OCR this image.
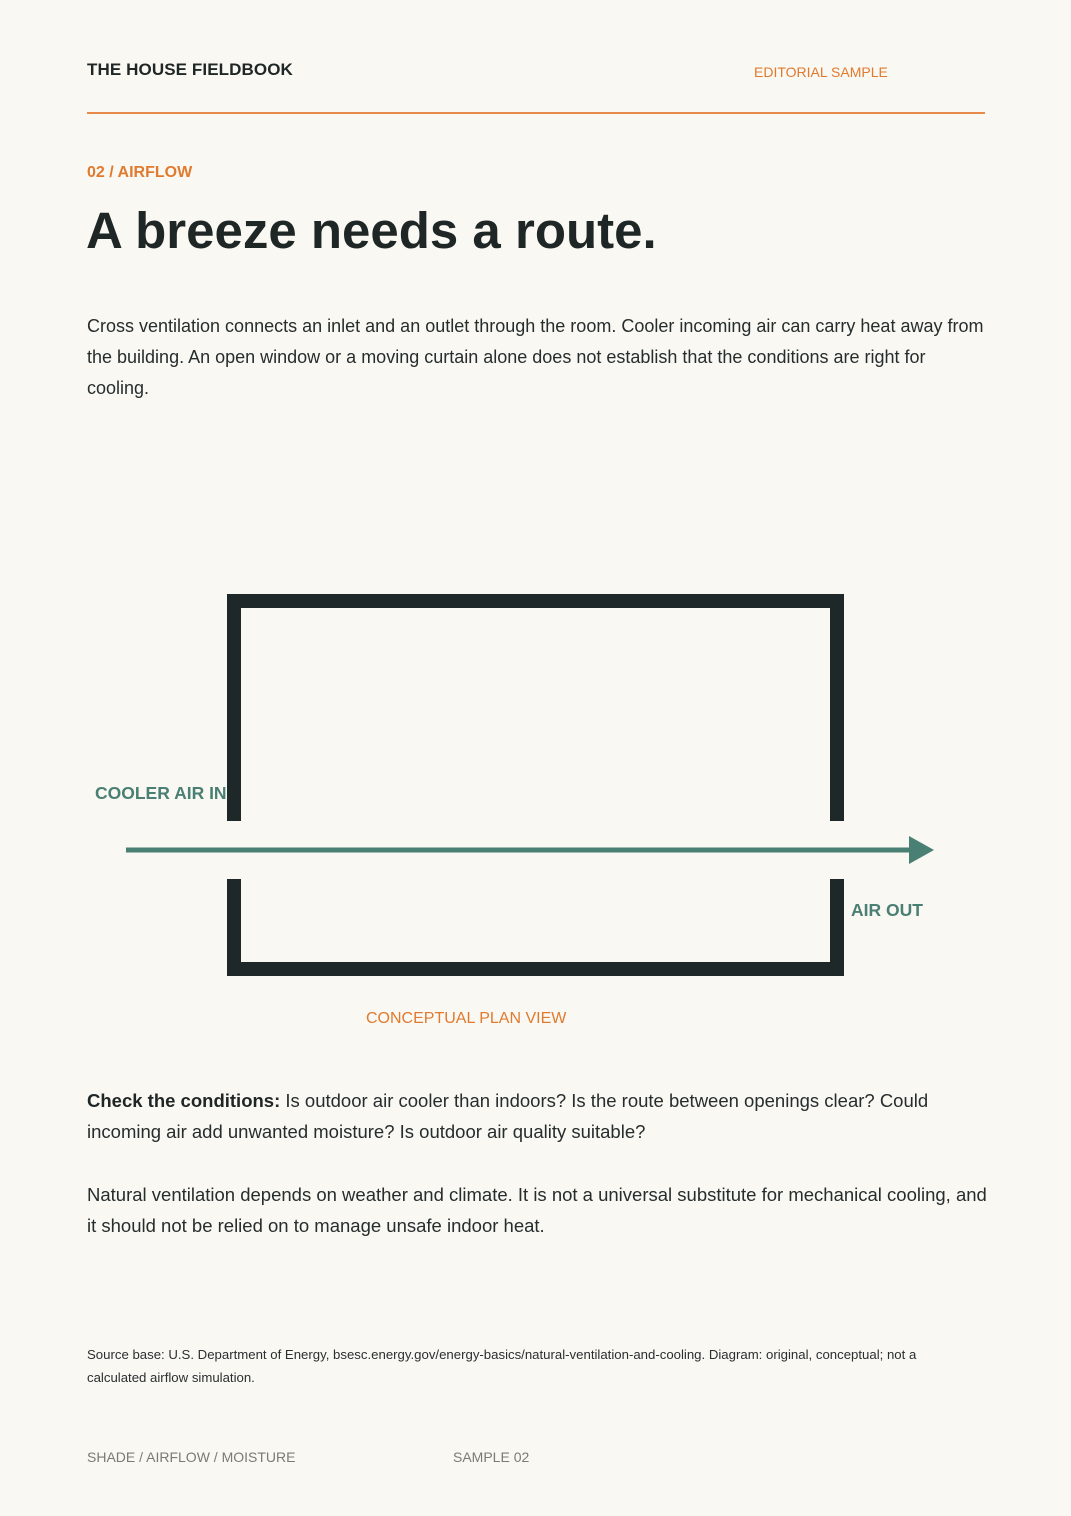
THE HOUSE FIELDBOOK	EDITORIAL SAMPLE
02 / AIRFLOW
A breeze needs a route.

Cross ventilation connects an inlet and an outlet through the room. Cooler incoming air can carry heat away from the building. An open window or a moving curtain alone does not establish that the conditions are right for cooling.

COOLER AIR IN
AIR OUT
CONCEPTUAL PLAN VIEW

Check the conditions: Is outdoor air cooler than indoors? Is the route between openings clear? Could incoming air add unwanted moisture? Is outdoor air quality suitable?

Natural ventilation depends on weather and climate. It is not a universal substitute for mechanical cooling, and it should not be relied on to manage unsafe indoor heat.

Source base: U.S. Department of Energy, bsesc.energy.gov/energy-basics/natural-ventilation-and-cooling. Diagram: original, conceptual; not a calculated airflow simulation.

SHADE / AIRFLOW / MOISTURE	SAMPLE 02
